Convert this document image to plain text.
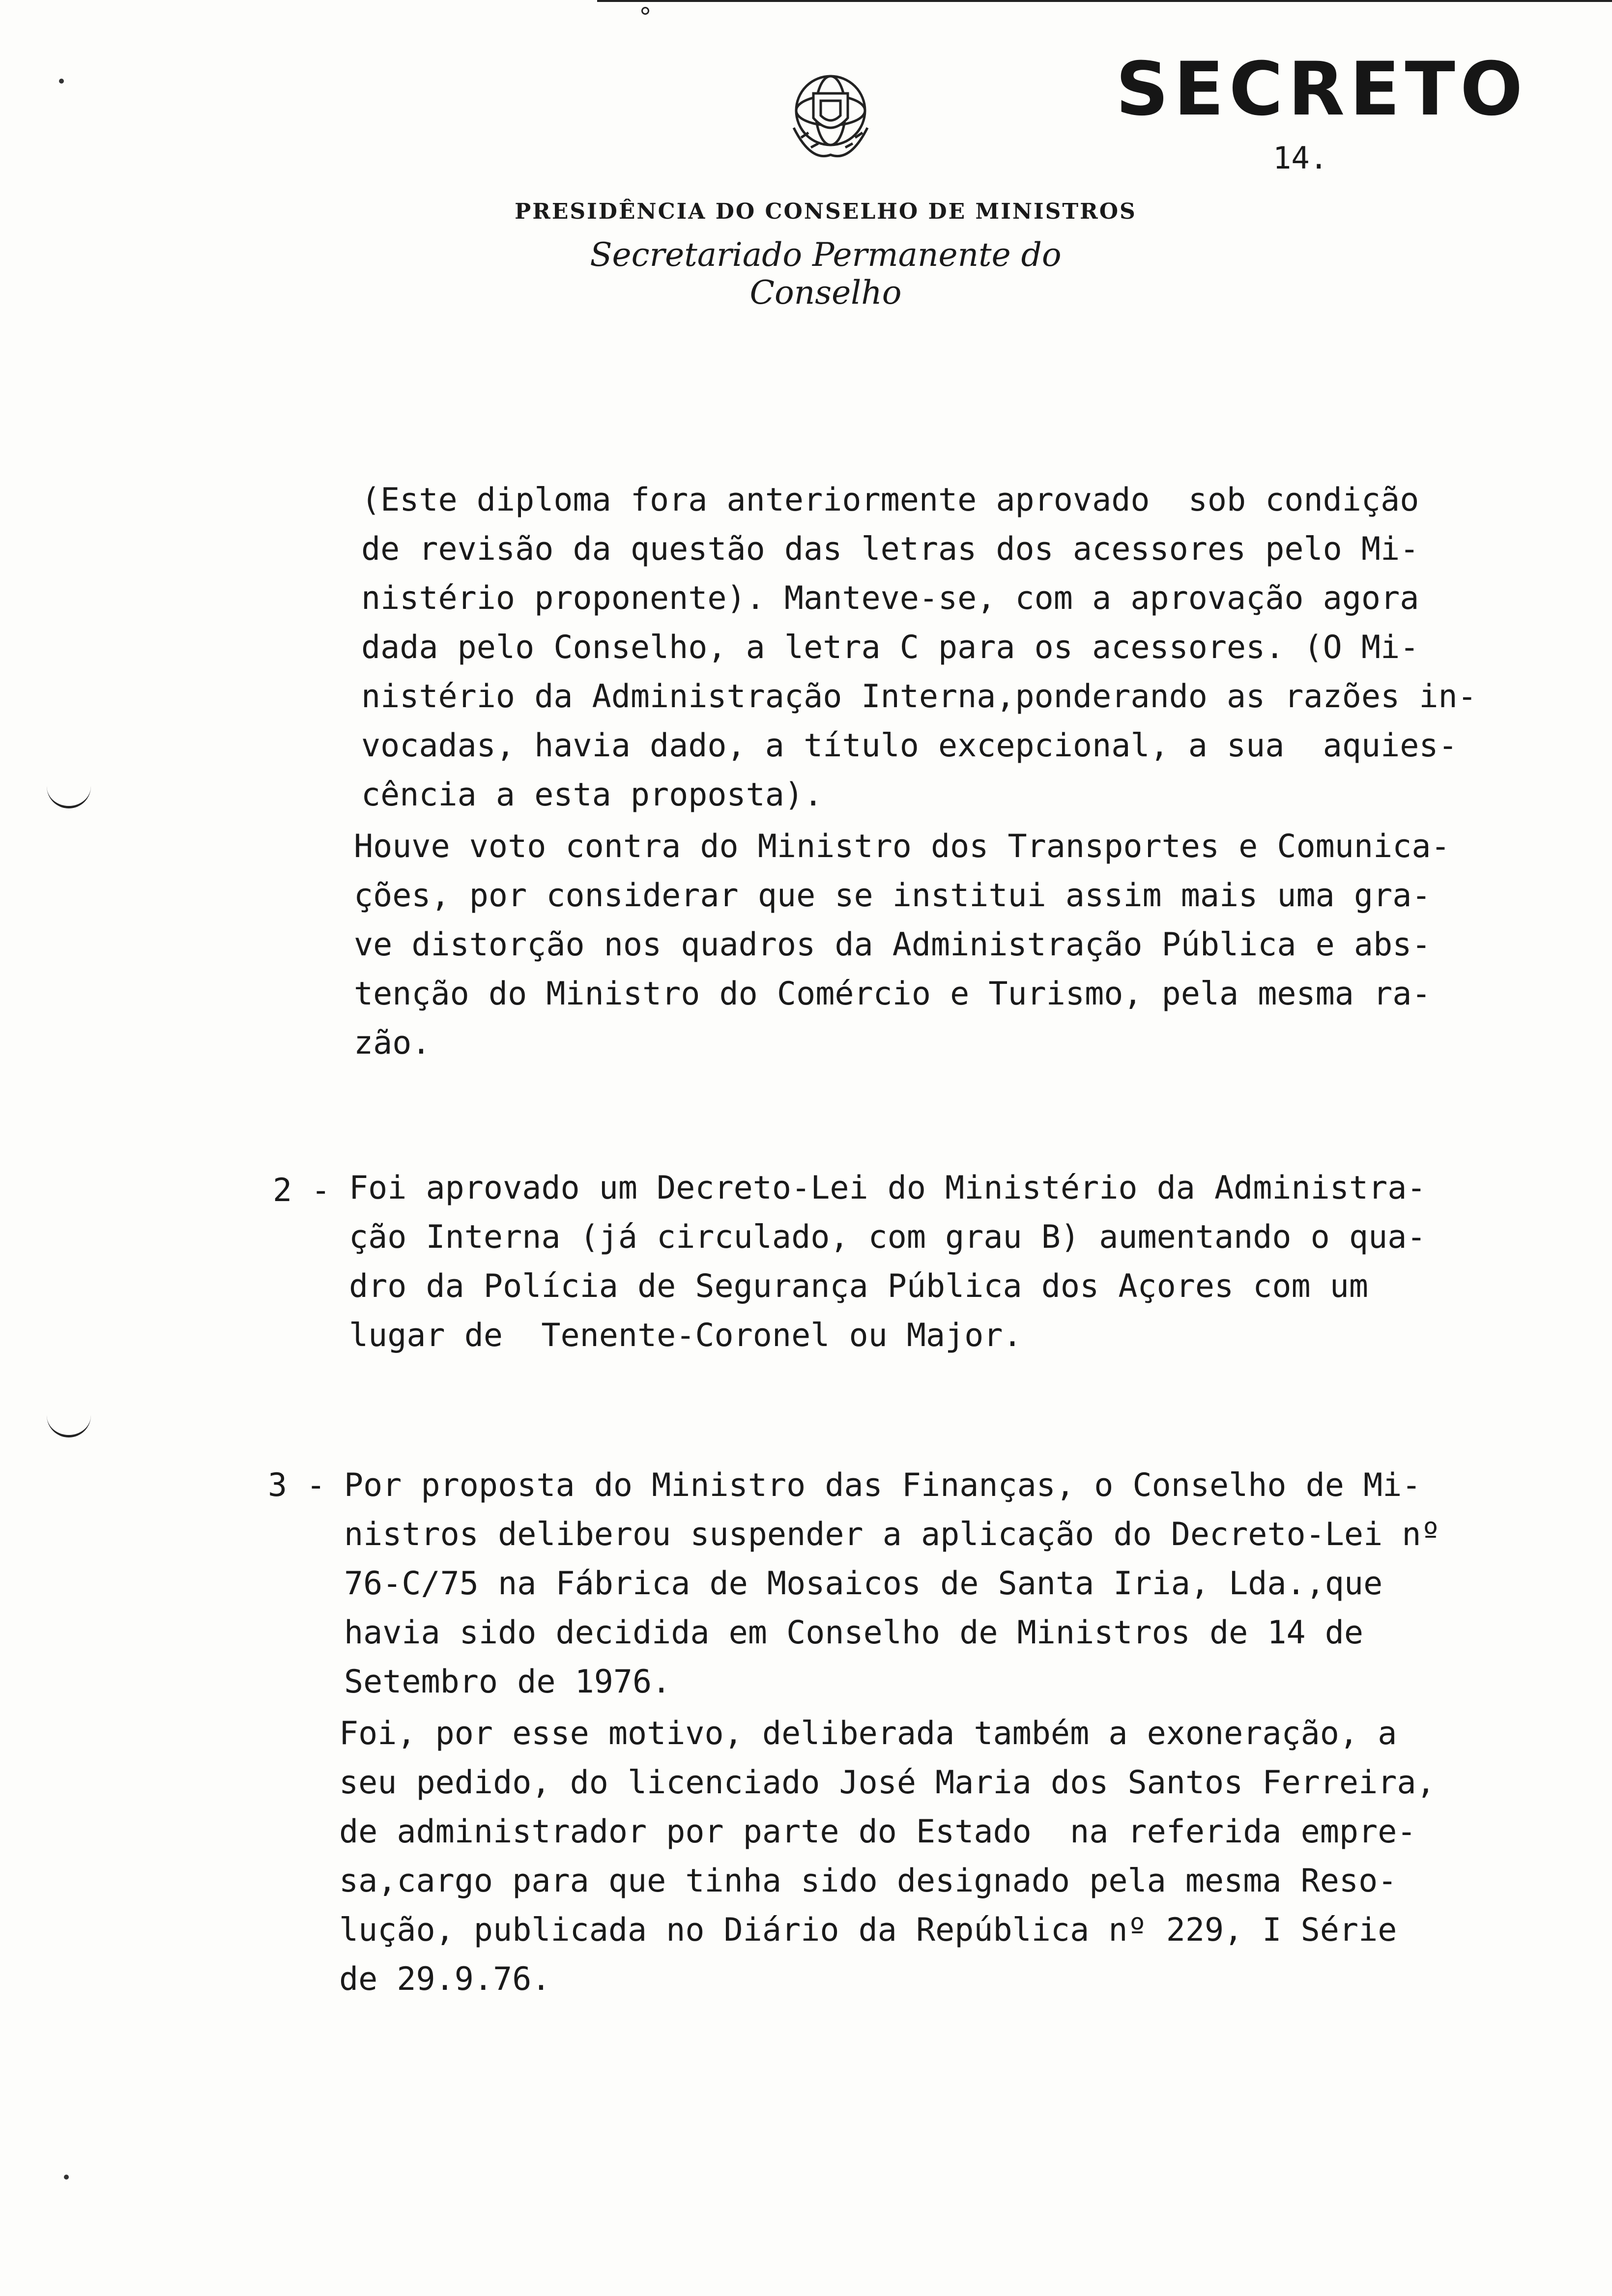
SECRETO
14.
PRESIDÊNCIA DO CONSELHO DE MINISTROS
Secretariado Permanente do Conselho
(Este diploma fora anteriormente aprovado  sob condição
de revisão da questão das letras dos acessores pelo Mi-
nistério proponente). Manteve-se, com a aprovação agora
dada pelo Conselho, a letra C para os acessores. (O Mi-
nistério da Administração Interna,ponderando as razões in-
vocadas, havia dado, a título excepcional, a sua  aquies-
cência a esta proposta).
Houve voto contra do Ministro dos Transportes e Comunica-
ções, por considerar que se institui assim mais uma gra-
ve distorção nos quadros da Administração Pública e abs-
tenção do Ministro do Comércio e Turismo, pela mesma ra-
zão.
2 - Foi aprovado um Decreto-Lei do Ministério da Administra-
ção Interna (já circulado, com grau B) aumentando o qua-
dro da Polícia de Segurança Pública dos Açores com um
lugar de  Tenente-Coronel ou Major.
3 - Por proposta do Ministro das Finanças, o Conselho de Mi-
nistros deliberou suspender a aplicação do Decreto-Lei nº
76-C/75 na Fábrica de Mosaicos de Santa Iria, Lda.,que
havia sido decidida em Conselho de Ministros de 14 de
Setembro de 1976.
Foi, por esse motivo, deliberada também a exoneração, a
seu pedido, do licenciado José Maria dos Santos Ferreira,
de administrador por parte do Estado  na referida empre-
sa,cargo para que tinha sido designado pela mesma Reso-
lução, publicada no Diário da República nº 229, I Série
de 29.9.76.
